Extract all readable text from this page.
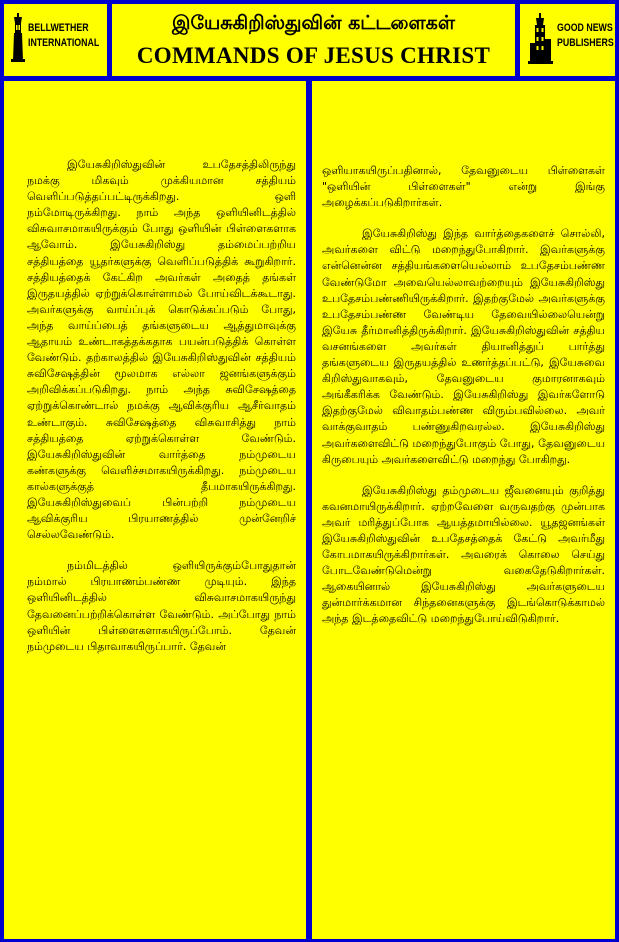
BELLWETHER
INTERNATIONAL
இயேசுகிறிஸ்துவின் கட்டளைகள்
COMMANDS OF JESUS CHRIST
GOOD NEWS
PUBLISHERS

இயேசுகிறிஸ்துவின் உபதேசத்திலிருந்து நமக்கு மிகவும் முக்கியமான சத்தியம் வெளிப்படுத்தப்பட்டிருக்கிறது. ஒளி நம்மோடிருக்கிறது. நாம் அந்த ஒளியினிடத்தில் விசுவாசமாகயிருக்கும் போது ஒளியின் பிள்ளைகளாக ஆவோம். இயேசுகிறிஸ்து தம்மைப்பற்றிய சத்தியத்தை யூதர்களுக்கு வெளிப்படுத்திக் கூறுகிறார். சத்தியத்தைக் கேட்கிற அவர்கள் அதைத் தங்கள் இருதயத்தில் ஏற்றுக்கொள்ளாமல் போய்விடக்கூடாது. அவர்களுக்கு வாய்ப்புக் கொடுக்கப்படும் போது, அந்த வாய்ப்பைத் தங்களுடைய ஆத்துமாவுக்கு ஆதாயம் உண்டாகத்தக்கதாக பயன்படுத்திக் கொள்ள வேண்டும். தற்காலத்தில் இயேசுகிறிஸ்துவின் சத்தியம் சுவிசேஷத்தின் மூலமாக எல்லா ஜனங்களுக்கும் அறிவிக்கப்படுகிறது. நாம் அந்த சுவிசேஷத்தை ஏற்றுக்கொண்டால் நமக்கு ஆவிக்குரிய ஆசீர்வாதம் உண்டாகும். சுவிசேஷத்தை விசுவாசித்து நாம் சத்தியத்தை ஏற்றுக்கொள்ள வேண்டும். இயேசுகிறிஸ்துவின் வார்த்தை நம்முடைய கண்களுக்கு வெளிச்சமாகயிருக்கிறது. நம்முடைய கால்களுக்குத் தீபமாகயிருக்கிறது. இயேசுகிறிஸ்துவைப் பின்பற்றி நம்முடைய ஆவிக்குரிய பிரயாணத்தில் முன்னேறிச் செல்லவேண்டும்.

நம்மிடத்தில் ஒளியிருக்கும்போதுதான் நம்மால் பிரயாணம்பண்ண முடியும். இந்த ஒளியினிடத்தில் விசுவாசமாகயிருந்து தேவனைப்பற்றிக்கொள்ள வேண்டும். அப்போது நாம் ஒளியின் பிள்ளைகளாகயிருப்போம். தேவன் நம்முடைய பிதாவாகயிருப்பார். தேவன்

ஒளியாகயிருப்பதினால், தேவனுடைய பிள்ளைகள் "ஒளியின் பிள்ளைகள்" என்று இங்கு அழைக்கப்படுகிறார்கள்.

இயேசுகிறிஸ்து இந்த வார்த்தைகளைச் சொல்லி, அவர்களை விட்டு மறைந்துபோகிறார். இவர்களுக்கு என்னென்ன சத்தியங்களையெல்லாம் உபதேசம்பண்ண வேண்டுமோ அவையெல்லாவற்றையும் இயேசுகிறிஸ்து உபதேசம்பண்ணியிருக்கிறார். இதற்குமேல் அவர்களுக்கு உபதேசம்பண்ண வேண்டிய தேவையில்லையென்று இயேசு தீர்மானித்திருக்கிறார். இயேசுகிறிஸ்துவின் சத்திய வசனங்களை அவர்கள் தியானித்துப் பார்த்து தங்களுடைய இருதயத்தில் உணர்த்தப்பட்டு, இயேசுவை கிறிஸ்துவாகவும், தேவனுடைய குமாரனாகவும் அங்கீகரிக்க வேண்டும். இயேசுகிறிஸ்து இவர்களோடு இதற்குமேல் விவாதம்பண்ண விரும்பவில்லை. அவர் வாக்குவாதம் பண்ணுகிறவரல்ல. இயேசுகிறிஸ்து அவர்களைவிட்டு மறைந்துபோகும் போது, தேவனுடைய கிருபையும் அவர்களைவிட்டு மறைந்து போகிறது.

இயேசுகிறிஸ்து தம்முடைய ஜீவனையும் குறித்து கவனமாயிருக்கிறார். ஏற்றவேளை வருவதற்கு முன்பாக அவர் மரித்துப்போக ஆயத்தமாயில்லை. யூதஜனங்கள் இயேசுகிறிஸ்துவின் உபதேசத்தைக் கேட்டு அவர்மீது கோபமாகயிருக்கிறார்கள். அவரைக் கொலை செய்து போடவேண்டுமென்று வகைதேடுகிறார்கள். ஆகையினால் இயேசுகிறிஸ்து அவர்களுடைய துன்மார்க்கமான சிந்தனைகளுக்கு இடங்கொடுக்காமல் அந்த இடத்தைவிட்டு மறைந்துபோய்விடுகிறார்.
